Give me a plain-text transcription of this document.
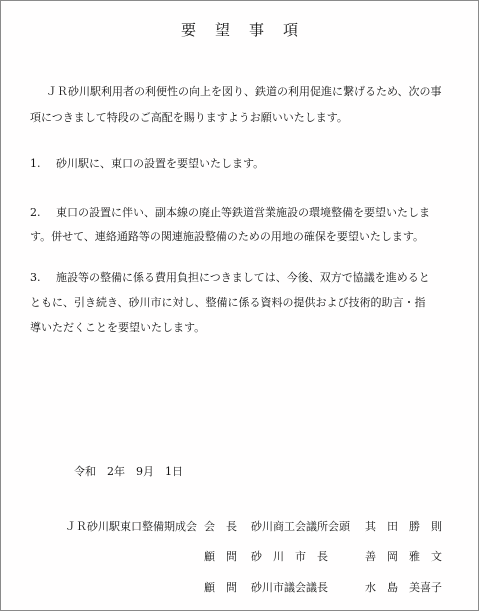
要望事項
ＪＲ砂川駅利用者の利便性の向上を図り、鉄道の利用促進に繋げるため、次の事
項につきまして特段のご高配を賜りますようお願いいたします。
1. 砂川駅に、東口の設置を要望いたします。
2. 東口の設置に伴い、副本線の廃止等鉄道営業施設の環境整備を要望いたしま
す。併せて、連絡通路等の関連施設整備のための用地の確保を要望いたします。
3. 施設等の整備に係る費用負担につきましては、今後、双方で協議を進めると
ともに、引き続き、砂川市に対し、整備に係る資料の提供および技術的助言・指
導いただくことを要望いたします。
令和　2年　9月　1日
ＪＲ砂川駅東口整備期成会 会　長 砂川商工会議所会頭 其　田　勝　則
顧　問 砂　川　市　長	善　岡　雅　文
顧　問 砂川市議会議長	水　島　美喜子
